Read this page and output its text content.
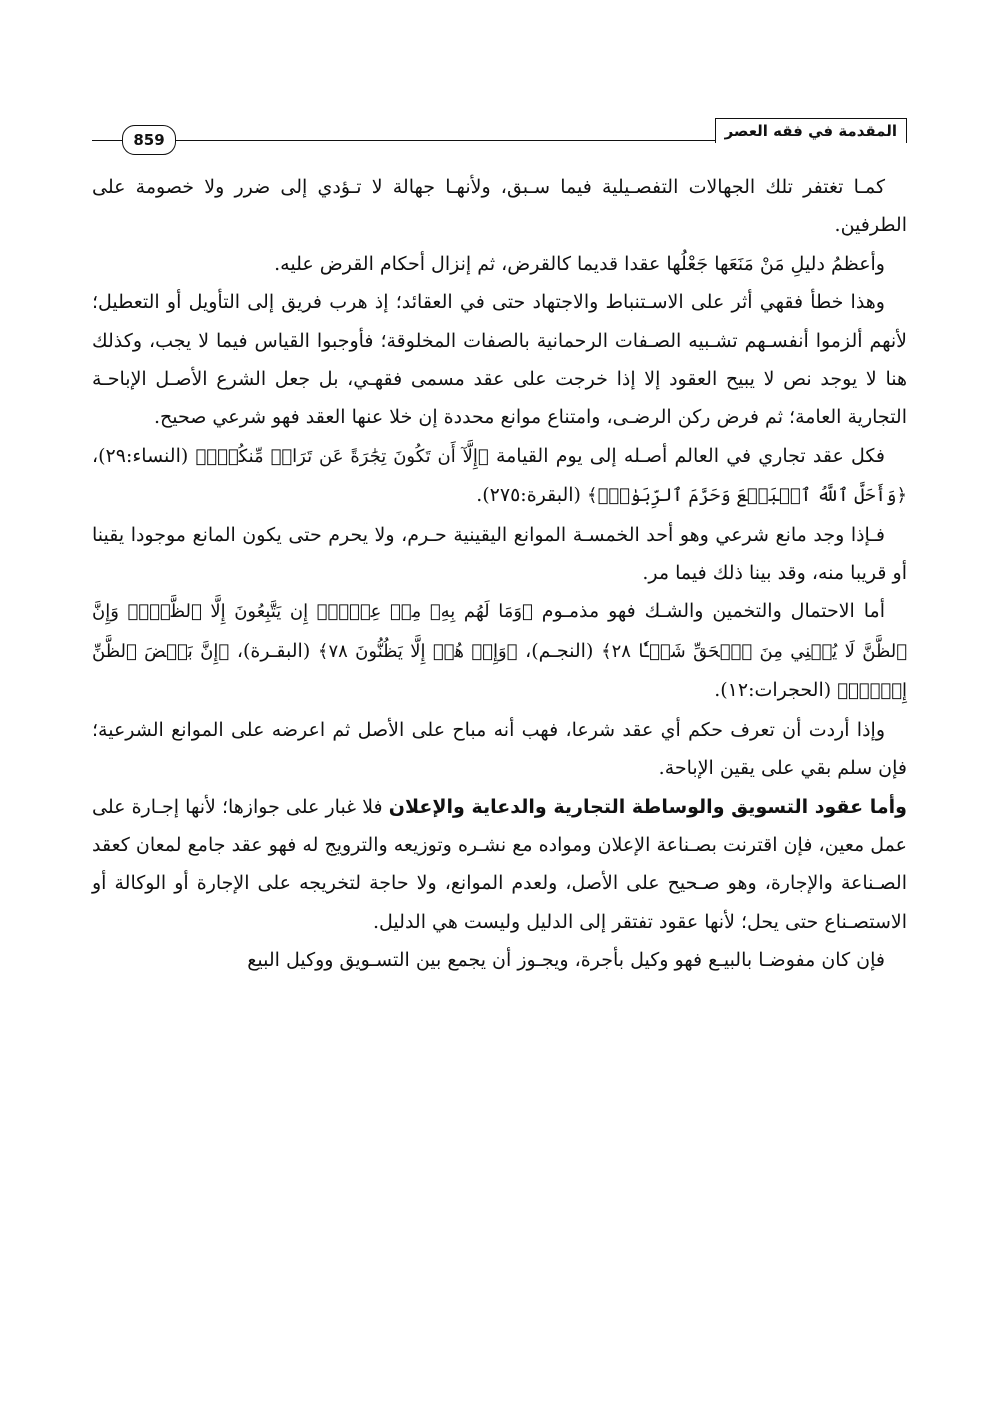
المقدمة في فقه العصر
859

كمـا تغتفر تلك الجهالات التفصـيلية فيما سـبق، ولأنهـا جهالة لا تـؤدي إلى ضرر ولا خصومة على الطرفين.

وأعظمُ دليلِ مَنْ مَنَعَها جَعْلُها عقدا قديما كالقرض، ثم إنزال أحكام القرض عليه.

وهذا خطأ فقهي أثر على الاسـتنباط والاجتهاد حتى في العقائد؛ إذ هرب فريق إلى التأويل أو التعطيل؛ لأنهم ألزموا أنفسـهم تشـبيه الصـفات الرحمانية بالصفات المخلوقة؛ فأوجبوا القياس فيما لا يجب، وكذلك هنا لا يوجد نص لا يبيح العقود إلا إذا خرجت على عقد مسمى فقهـي، بل جعل الشرع الأصـل الإباحـة التجارية العامة؛ ثم فرض ركن الرضـى، وامتناع موانع محددة إن خلا عنها العقد فهو شرعي صحيح.

فكل عقد تجاري في العالم أصـله إلى يوم القيامة ﴿إِلَّآ أَن تَكُونَ تِجَٰرَةً عَن تَرَاضٖ مِّنكُمۡۚ﴾ (النساء:٢٩)، ﴿وَأَحَلَّ ٱللَّهُ ٱلۡبَيۡعَ وَحَرَّمَ ٱلرِّبَوٰاْۚ﴾ (البقرة:٢٧٥).

فـإذا وجد مانع شرعي وهو أحد الخمسـة الموانع اليقينية حـرم، ولا يحرم حتى يكون المانع موجودا يقينا أو قريبا منه، وقد بينا ذلك فيما مر.

أما الاحتمال والتخمين والشـك فهو مذمـوم ﴿وَمَا لَهُم بِهِۦ مِنۡ عِلۡمٍۖ إِن يَتَّبِعُونَ إِلَّا ٱلظَّنَّۖ وَإِنَّ ٱلظَّنَّ لَا يُغۡنِي مِنَ ٱلۡحَقِّ شَيۡـٔٗا ٢٨﴾ (النجـم)، ﴿وَإِنۡ هُمۡ إِلَّا يَظُنُّونَ ٧٨﴾ (البقـرة)، ﴿إِنَّ بَعۡضَ ٱلظَّنِّ إِثۡمٞۖ﴾ (الحجرات:١٢).

وإذا أردت أن تعرف حكم أي عقد شرعا، فهب أنه مباح على الأصل ثم اعرضه على الموانع الشرعية؛ فإن سلم بقي على يقين الإباحة.

وأما عقود التسويق والوساطة التجارية والدعاية والإعلان فلا غبار على جوازها؛ لأنها إجـارة على عمل معين، فإن اقترنت بصـناعة الإعلان ومواده مع نشـره وتوزيعه والترويج له فهو عقد جامع لمعان كعقد الصـناعة والإجارة، وهو صـحيح على الأصل، ولعدم الموانع، ولا حاجة لتخريجه على الإجارة أو الوكالة أو الاستصـناع حتى يحل؛ لأنها عقود تفتقر إلى الدليل وليست هي الدليل.

فإن كان مفوضـا بالبيـع فهو وكيل بأجرة، ويجـوز أن يجمع بين التسـويق ووكيل البيع
